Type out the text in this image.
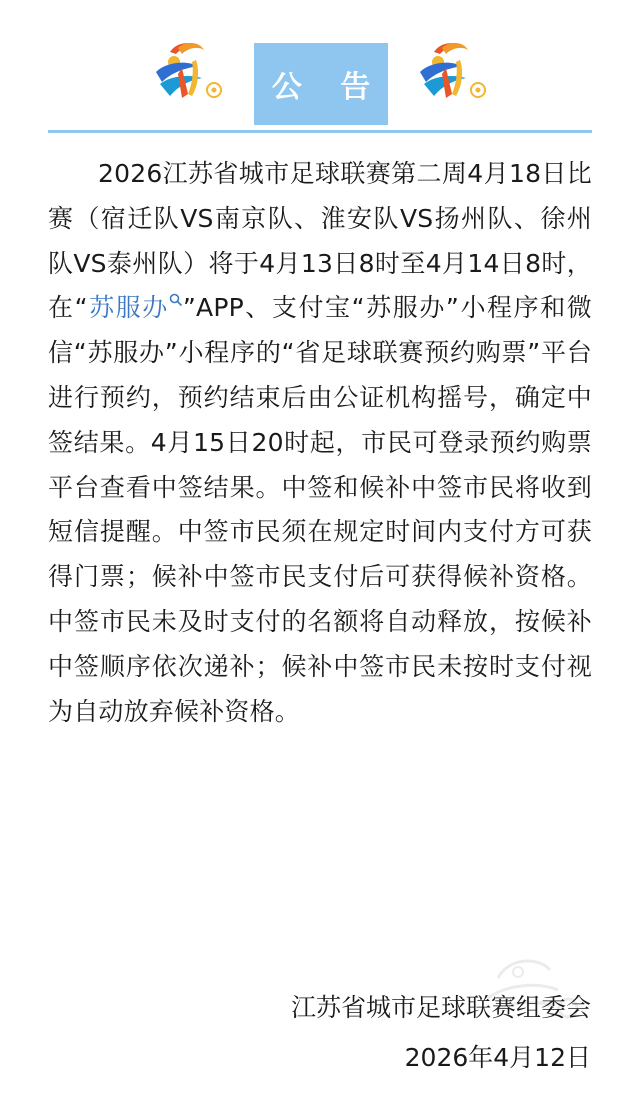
公 告
2026江苏省城市足球联赛第二周4月18日比赛（宿迁队VS南京队、淮安队VS扬州队、徐州队VS泰州队）将于4月13日8时至4月14日8时，在“苏服办 ”APP、支付宝“苏服办”小程序和微信“苏服办”小程序的“省足球联赛预约购票”平台进行预约，预约结束后由公证机构摇号，确定中签结果。4月15日20时起，市民可登录预约购票平台查看中签结果。中签和候补中签市民将收到短信提醒。中签市民须在规定时间内支付方可获得门票；候补中签市民支付后可获得候补资格。中签市民未及时支付的名额将自动释放，按候补中签顺序依次递补；候补中签市民未按时支付视为自动放弃候补资格。
江苏省城市足球联赛组委会
2026年4月12日
